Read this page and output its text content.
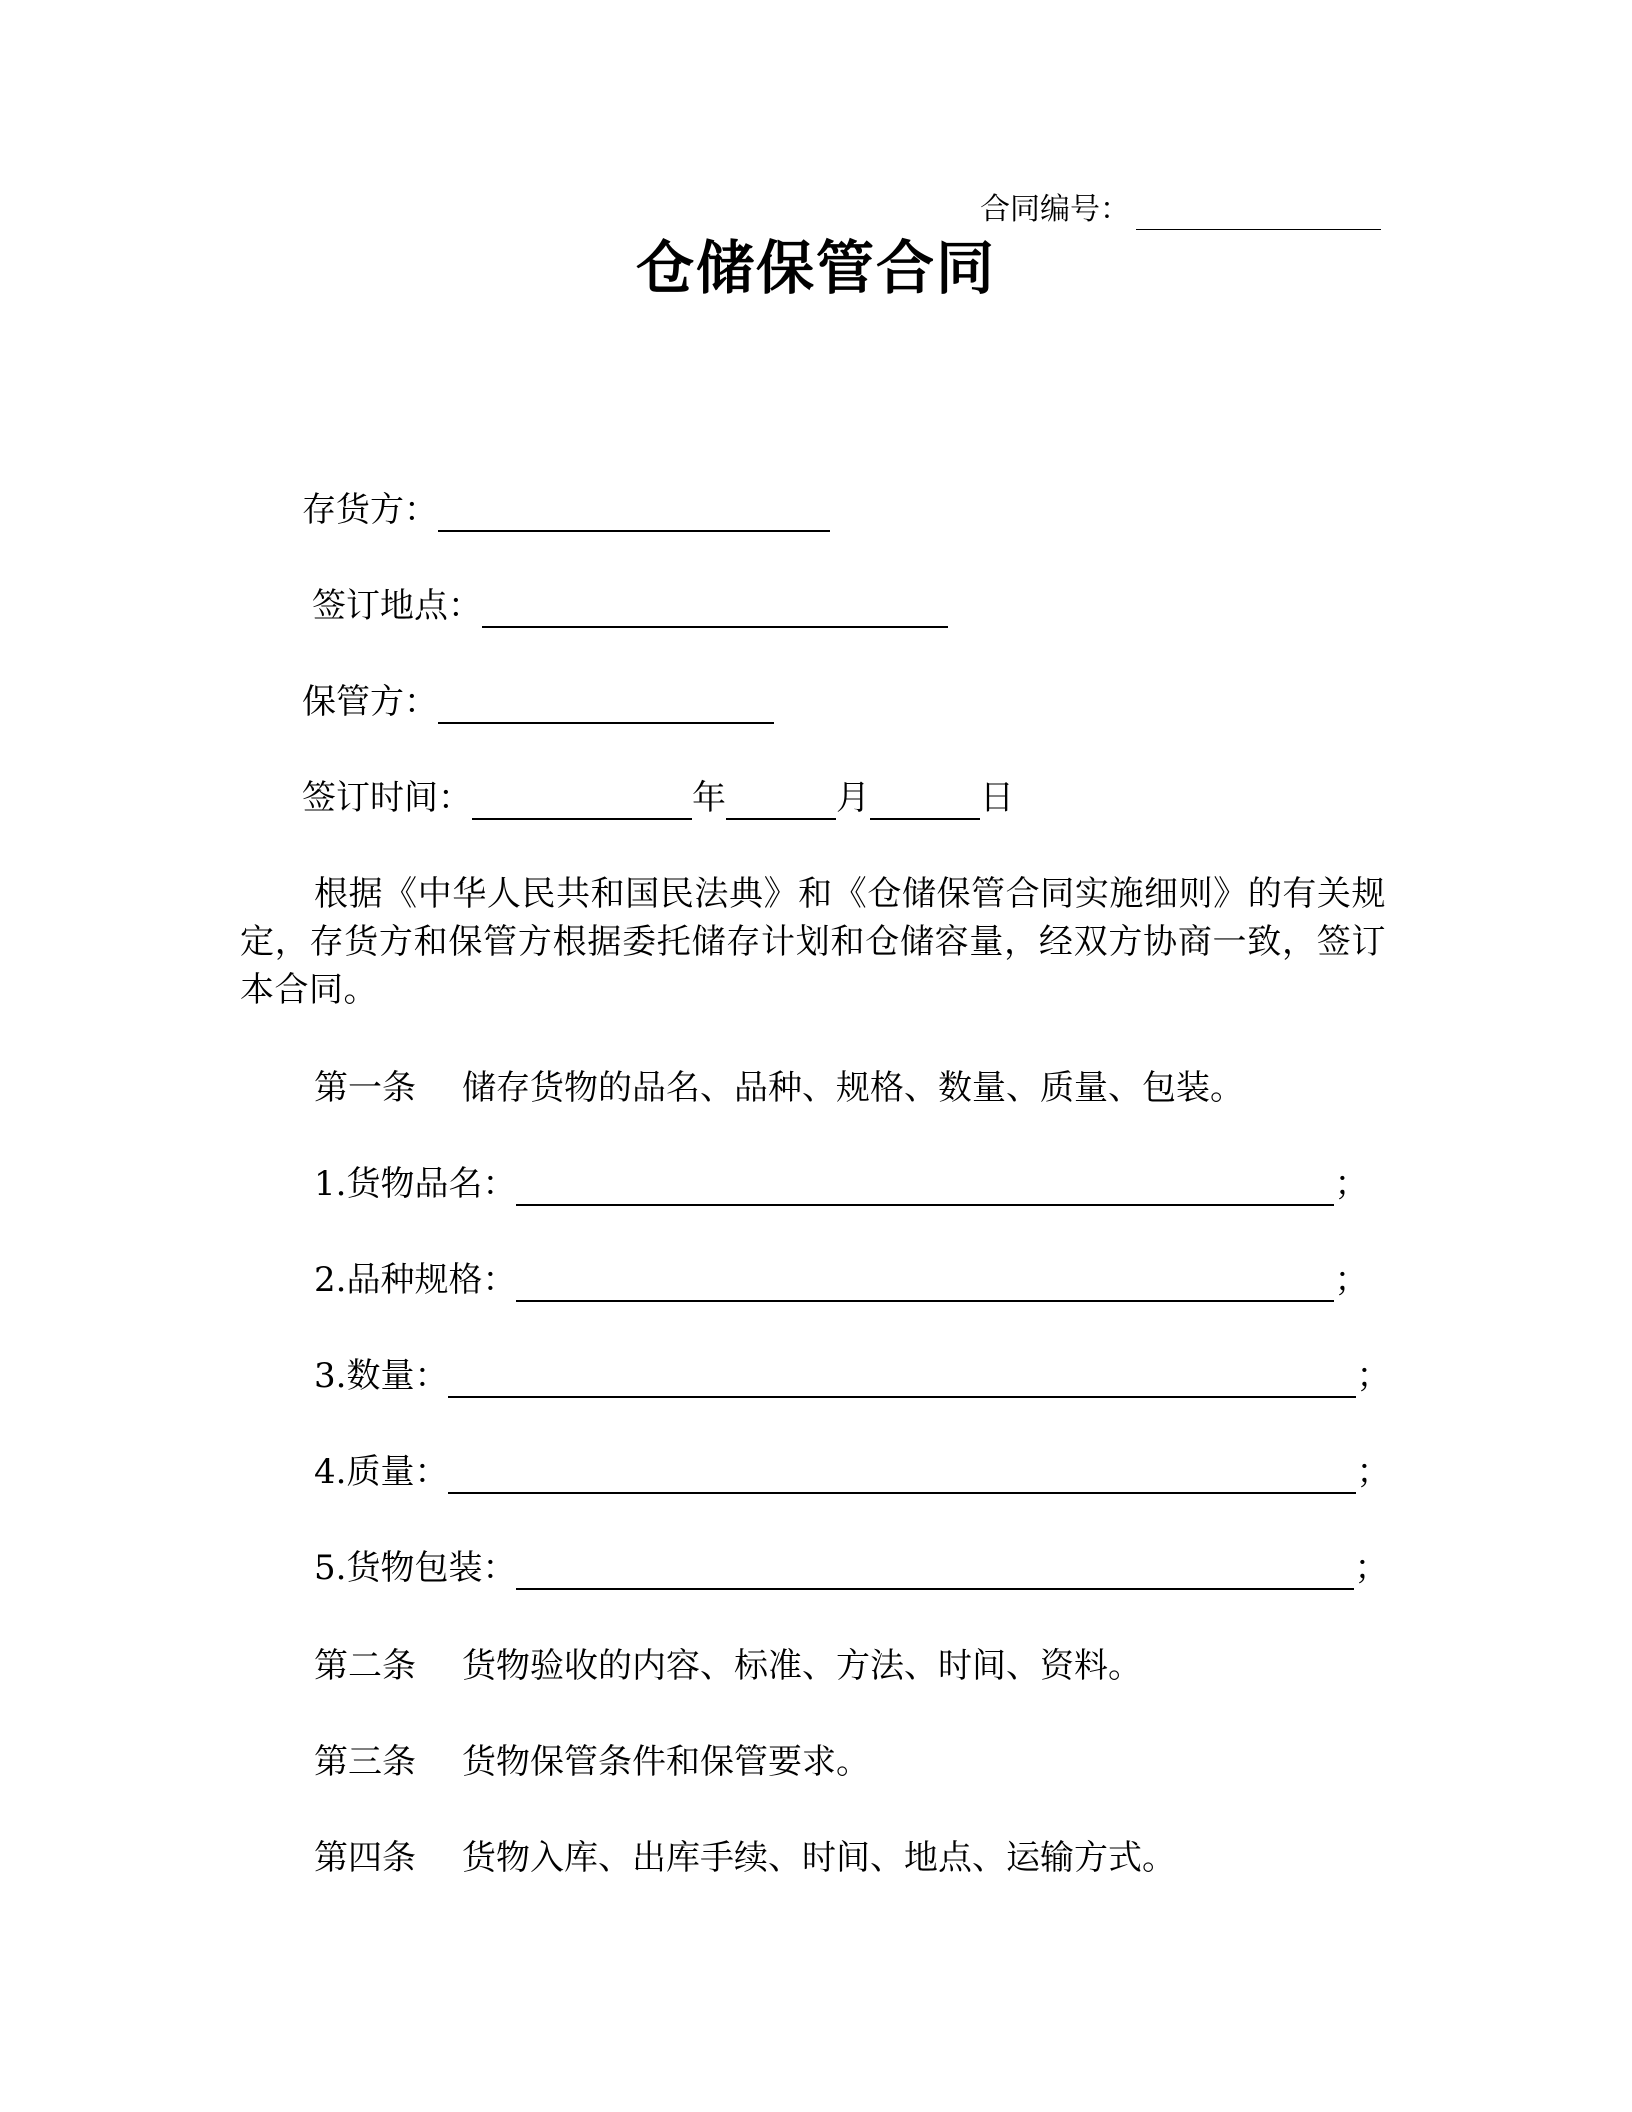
合同编号：
仓储保管合同
存货方：
签订地点：
保管方：
签订时间：	年	月	日
根据《中华人民共和国民法典》和《仓储保管合同实施细则》的有关规定，存货方和保管方根据委托储存计划和仓储容量，经双方协商一致，签订本合同。
第一条 储存货物的品名、品种、规格、数量、质量、包装。
1.货物品名：	；
2.品种规格：	；
3.数量：	；
4.质量：	；
5.货物包装：	；
第二条 货物验收的内容、标准、方法、时间、资料。
第三条 货物保管条件和保管要求。
第四条 货物入库、出库手续、时间、地点、运输方式。
